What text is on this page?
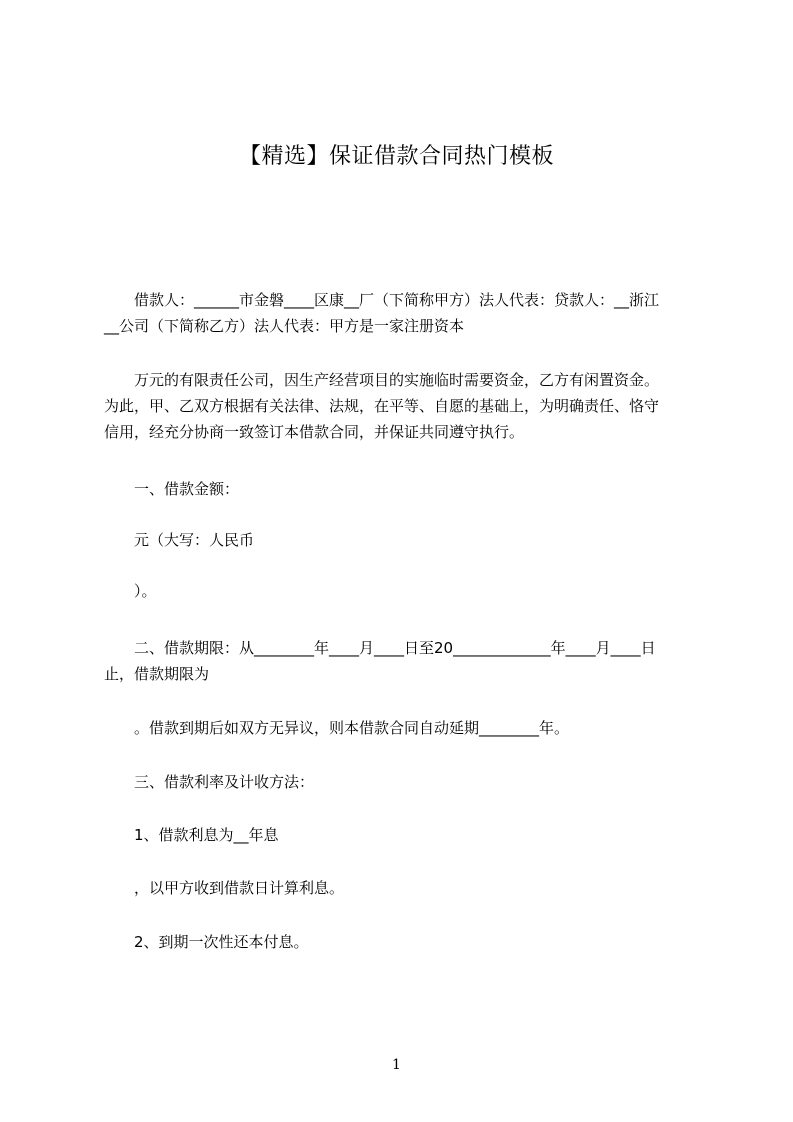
【精选】保证借款合同热门模板
　　借款人：______市金磐____区康__厂（下简称甲方）法人代表：贷款人：__浙江
__公司（下简称乙方）法人代表：甲方是一家注册资本
　　万元的有限责任公司，因生产经营项目的实施临时需要资金，乙方有闲置资金。
为此，甲、乙双方根据有关法律、法规，在平等、自愿的基础上，为明确责任、恪守
信用，经充分协商一致签订本借款合同，并保证共同遵守执行。
　　一、借款金额：
　　元（大写：人民币
　　）。
　　二、借款期限：从________年____月____日至20_____________年____月____日
止，借款期限为
　　。借款到期后如双方无异议，则本借款合同自动延期________年。
　　三、借款利率及计收方法：
　　1、借款利息为__年息
　　，以甲方收到借款日计算利息。
　　2、到期一次性还本付息。
1
